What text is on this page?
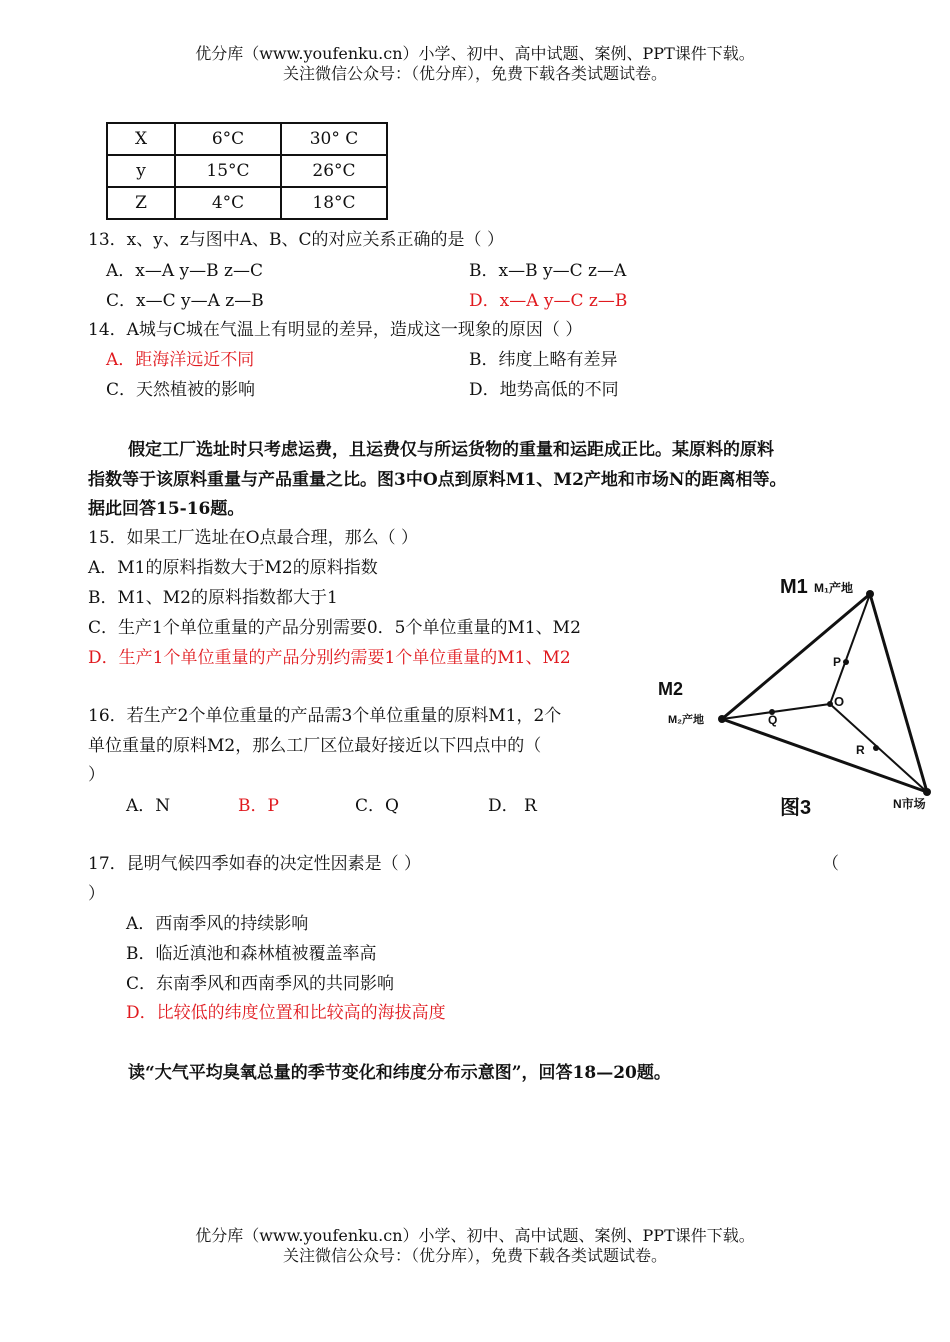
优分库（www.youfenku.cn）小学、初中、高中试题、案例、PPT课件下载。
关注微信公众号：（优分库），免费下载各类试题试卷。
X	6°C	30° C
y	15°C	26°C
Z	4°C	18°C
13．x、y、z与图中A、B、C的对应关系正确的是（ ）
A．x—A y—B z—C	B．x—B y—C z—A
C．x—C y—A z—B	D．x—A y—C z—B
14．A城与C城在气温上有明显的差异，造成这一现象的原因（ ）
A．距海洋远近不同	B．纬度上略有差异
C．天然植被的影响	D．地势高低的不同
假定工厂选址时只考虑运费，且运费仅与所运货物的重量和运距成正比。某原料的原料
指数等于该原料重量与产品重量之比。图3中O点到原料M1、M2产地和市场N的距离相等。
据此回答15-16题。
15．如果工厂选址在O点最合理，那么（ ）
A．M1的原料指数大于M2的原料指数
B．M1、M2的原料指数都大于1
C．生产1个单位重量的产品分别需要0．5个单位重量的M1、M2
D．生产1个单位重量的产品分别约需要1个单位重量的M1、M2
16．若生产2个单位重量的产品需3个单位重量的原料M1，2个
单位重量的原料M2，那么工厂区位最好接近以下四点中的（
）
A．N	B．P	C．Q	D． R
M1 M₁产地
M2
M₂产地
P
O
Q
R
N市场
图3
17．昆明气候四季如春的决定性因素是（ ）	（
）
A．西南季风的持续影响
B．临近滇池和森林植被覆盖率高
C．东南季风和西南季风的共同影响
D．比较低的纬度位置和比较高的海拔高度
读“大气平均臭氧总量的季节变化和纬度分布示意图”，回答18—20题。
优分库（www.youfenku.cn）小学、初中、高中试题、案例、PPT课件下载。
关注微信公众号：（优分库），免费下载各类试题试卷。
